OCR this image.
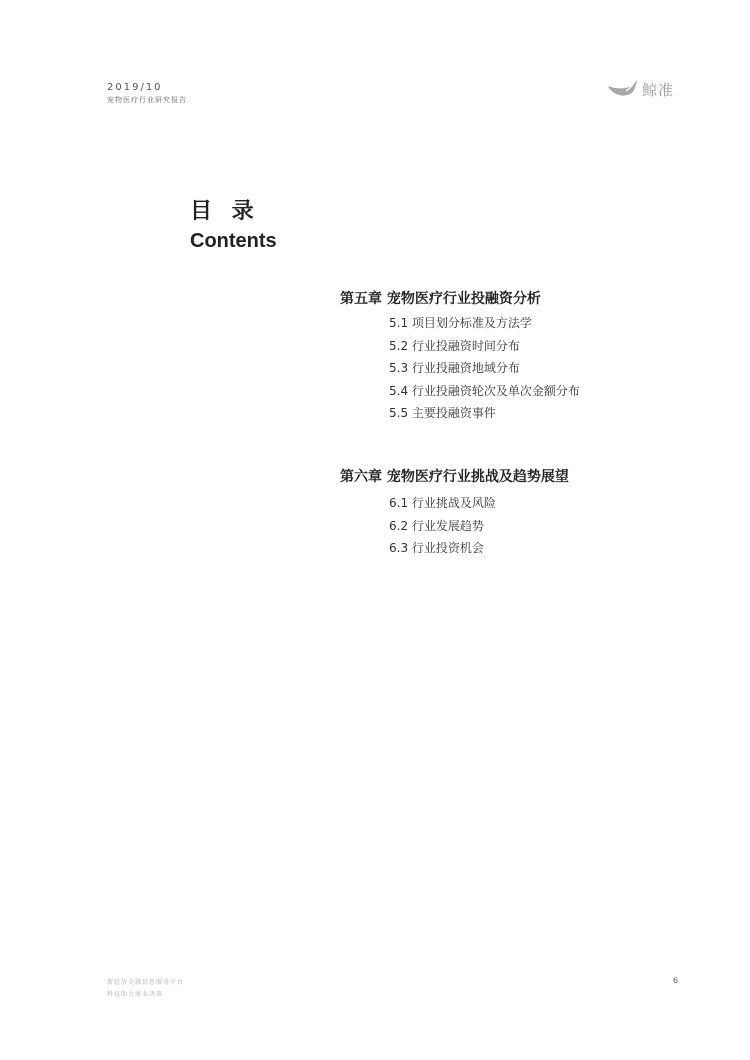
2019/10
宠物医疗行业研究报告
鲸准
目 录
Contents
第五章 宠物医疗行业投融资分析
5.1 项目划分标准及方法学
5.2 行业投融资时间分布
5.3 行业投融资地域分布
5.4 行业投融资轮次及单次金额分布
5.5 主要投融资事件
第六章 宠物医疗行业挑战及趋势展望
6.1 行业挑战及风险
6.2 行业发展趋势
6.3 行业投资机会
新经济金融信息服务平台
科技助力商业决策
6
